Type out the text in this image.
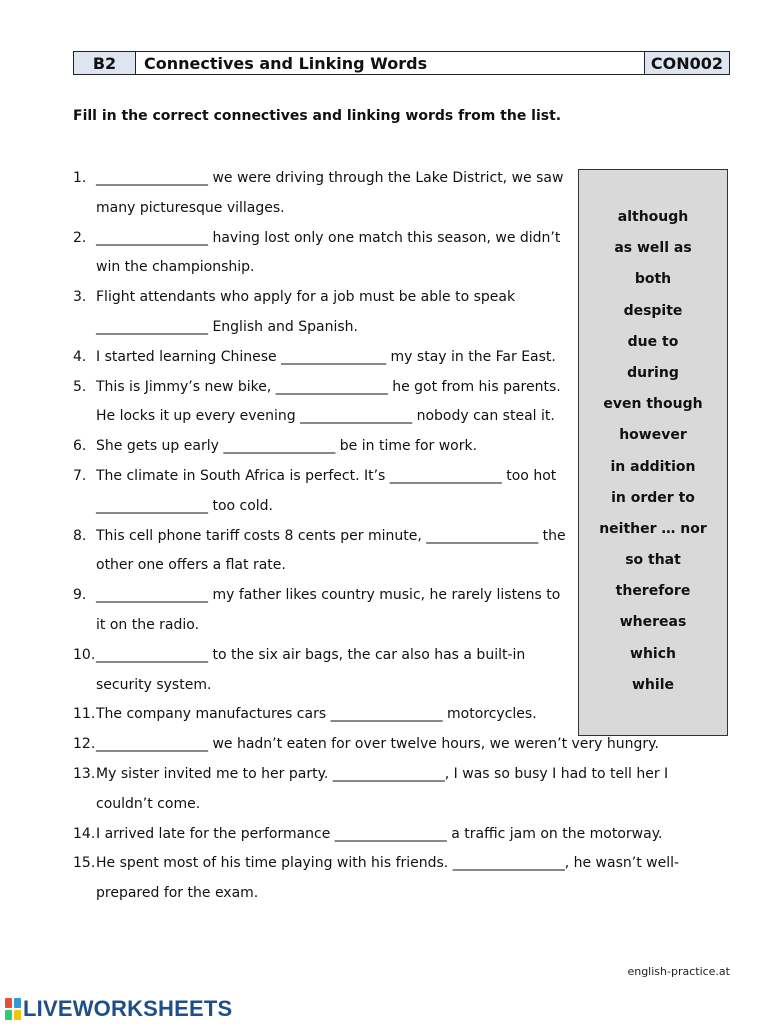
B2	Connectives and Linking Words	CON002
Fill in the correct connectives and linking words from the list.
1. ________________ we were driving through the Lake District, we saw many picturesque villages.
2. ________________ having lost only one match this season, we didn’t win the championship.
3. Flight attendants who apply for a job must be able to speak ________________ English and Spanish.
4. I started learning Chinese _______________ my stay in the Far East.
5. This is Jimmy’s new bike, ________________ he got from his parents. He locks it up every evening ________________ nobody can steal it.
6. She gets up early ________________ be in time for work.
7. The climate in South Africa is perfect. It’s ________________ too hot ________________ too cold.
8. This cell phone tariff costs 8 cents per minute, ________________ the other one offers a flat rate.
9. ________________ my father likes country music, he rarely listens to it on the radio.
10. ________________ to the six air bags, the car also has a built-in security system.
11. The company manufactures cars ________________ motorcycles.
12. ________________ we hadn’t eaten for over twelve hours, we weren’t very hungry.
13. My sister invited me to her party. ________________, I was so busy I had to tell her I couldn’t come.
14. I arrived late for the performance ________________ a traffic jam on the motorway.
15. He spent most of his time playing with his friends. ________________, he wasn’t well-prepared for the exam.
although
as well as
both
despite
due to
during
even though
however
in addition
in order to
neither … nor
so that
therefore
whereas
which
while
english-practice.at
LIVEWORKSHEETS
